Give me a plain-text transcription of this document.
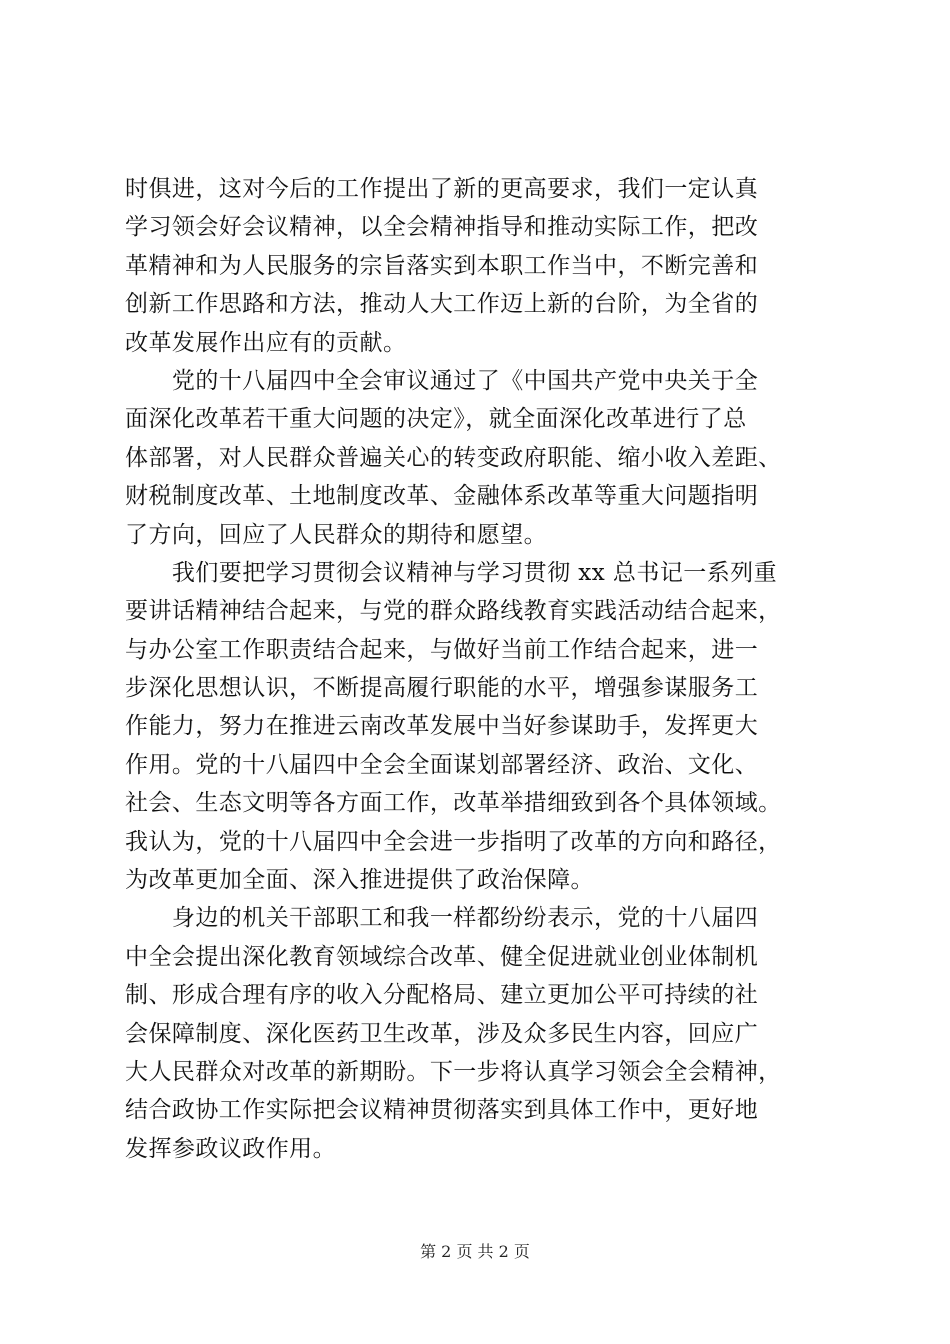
时俱进，这对今后的工作提出了新的更高要求，我们一定认真
学习领会好会议精神，以全会精神指导和推动实际工作，把改
革精神和为人民服务的宗旨落实到本职工作当中，不断完善和
创新工作思路和方法，推动人大工作迈上新的台阶，为全省的
改革发展作出应有的贡献。
　　党的十八届四中全会审议通过了《中国共产党中央关于全
面深化改革若干重大问题的决定》，就全面深化改革进行了总
体部署，对人民群众普遍关心的转变政府职能、缩小收入差距、
财税制度改革、土地制度改革、金融体系改革等重大问题指明
了方向，回应了人民群众的期待和愿望。
　　我们要把学习贯彻会议精神与学习贯彻 xx 总书记一系列重
要讲话精神结合起来，与党的群众路线教育实践活动结合起来，
与办公室工作职责结合起来，与做好当前工作结合起来，进一
步深化思想认识，不断提高履行职能的水平，增强参谋服务工
作能力，努力在推进云南改革发展中当好参谋助手，发挥更大
作用。党的十八届四中全会全面谋划部署经济、政治、文化、
社会、生态文明等各方面工作，改革举措细致到各个具体领域。
我认为，党的十八届四中全会进一步指明了改革的方向和路径，
为改革更加全面、深入推进提供了政治保障。
　　身边的机关干部职工和我一样都纷纷表示，党的十八届四
中全会提出深化教育领域综合改革、健全促进就业创业体制机
制、形成合理有序的收入分配格局、建立更加公平可持续的社
会保障制度、深化医药卫生改革，涉及众多民生内容，回应广
大人民群众对改革的新期盼。下一步将认真学习领会全会精神，
结合政协工作实际把会议精神贯彻落实到具体工作中，更好地
发挥参政议政作用。
第 2 页 共 2 页
